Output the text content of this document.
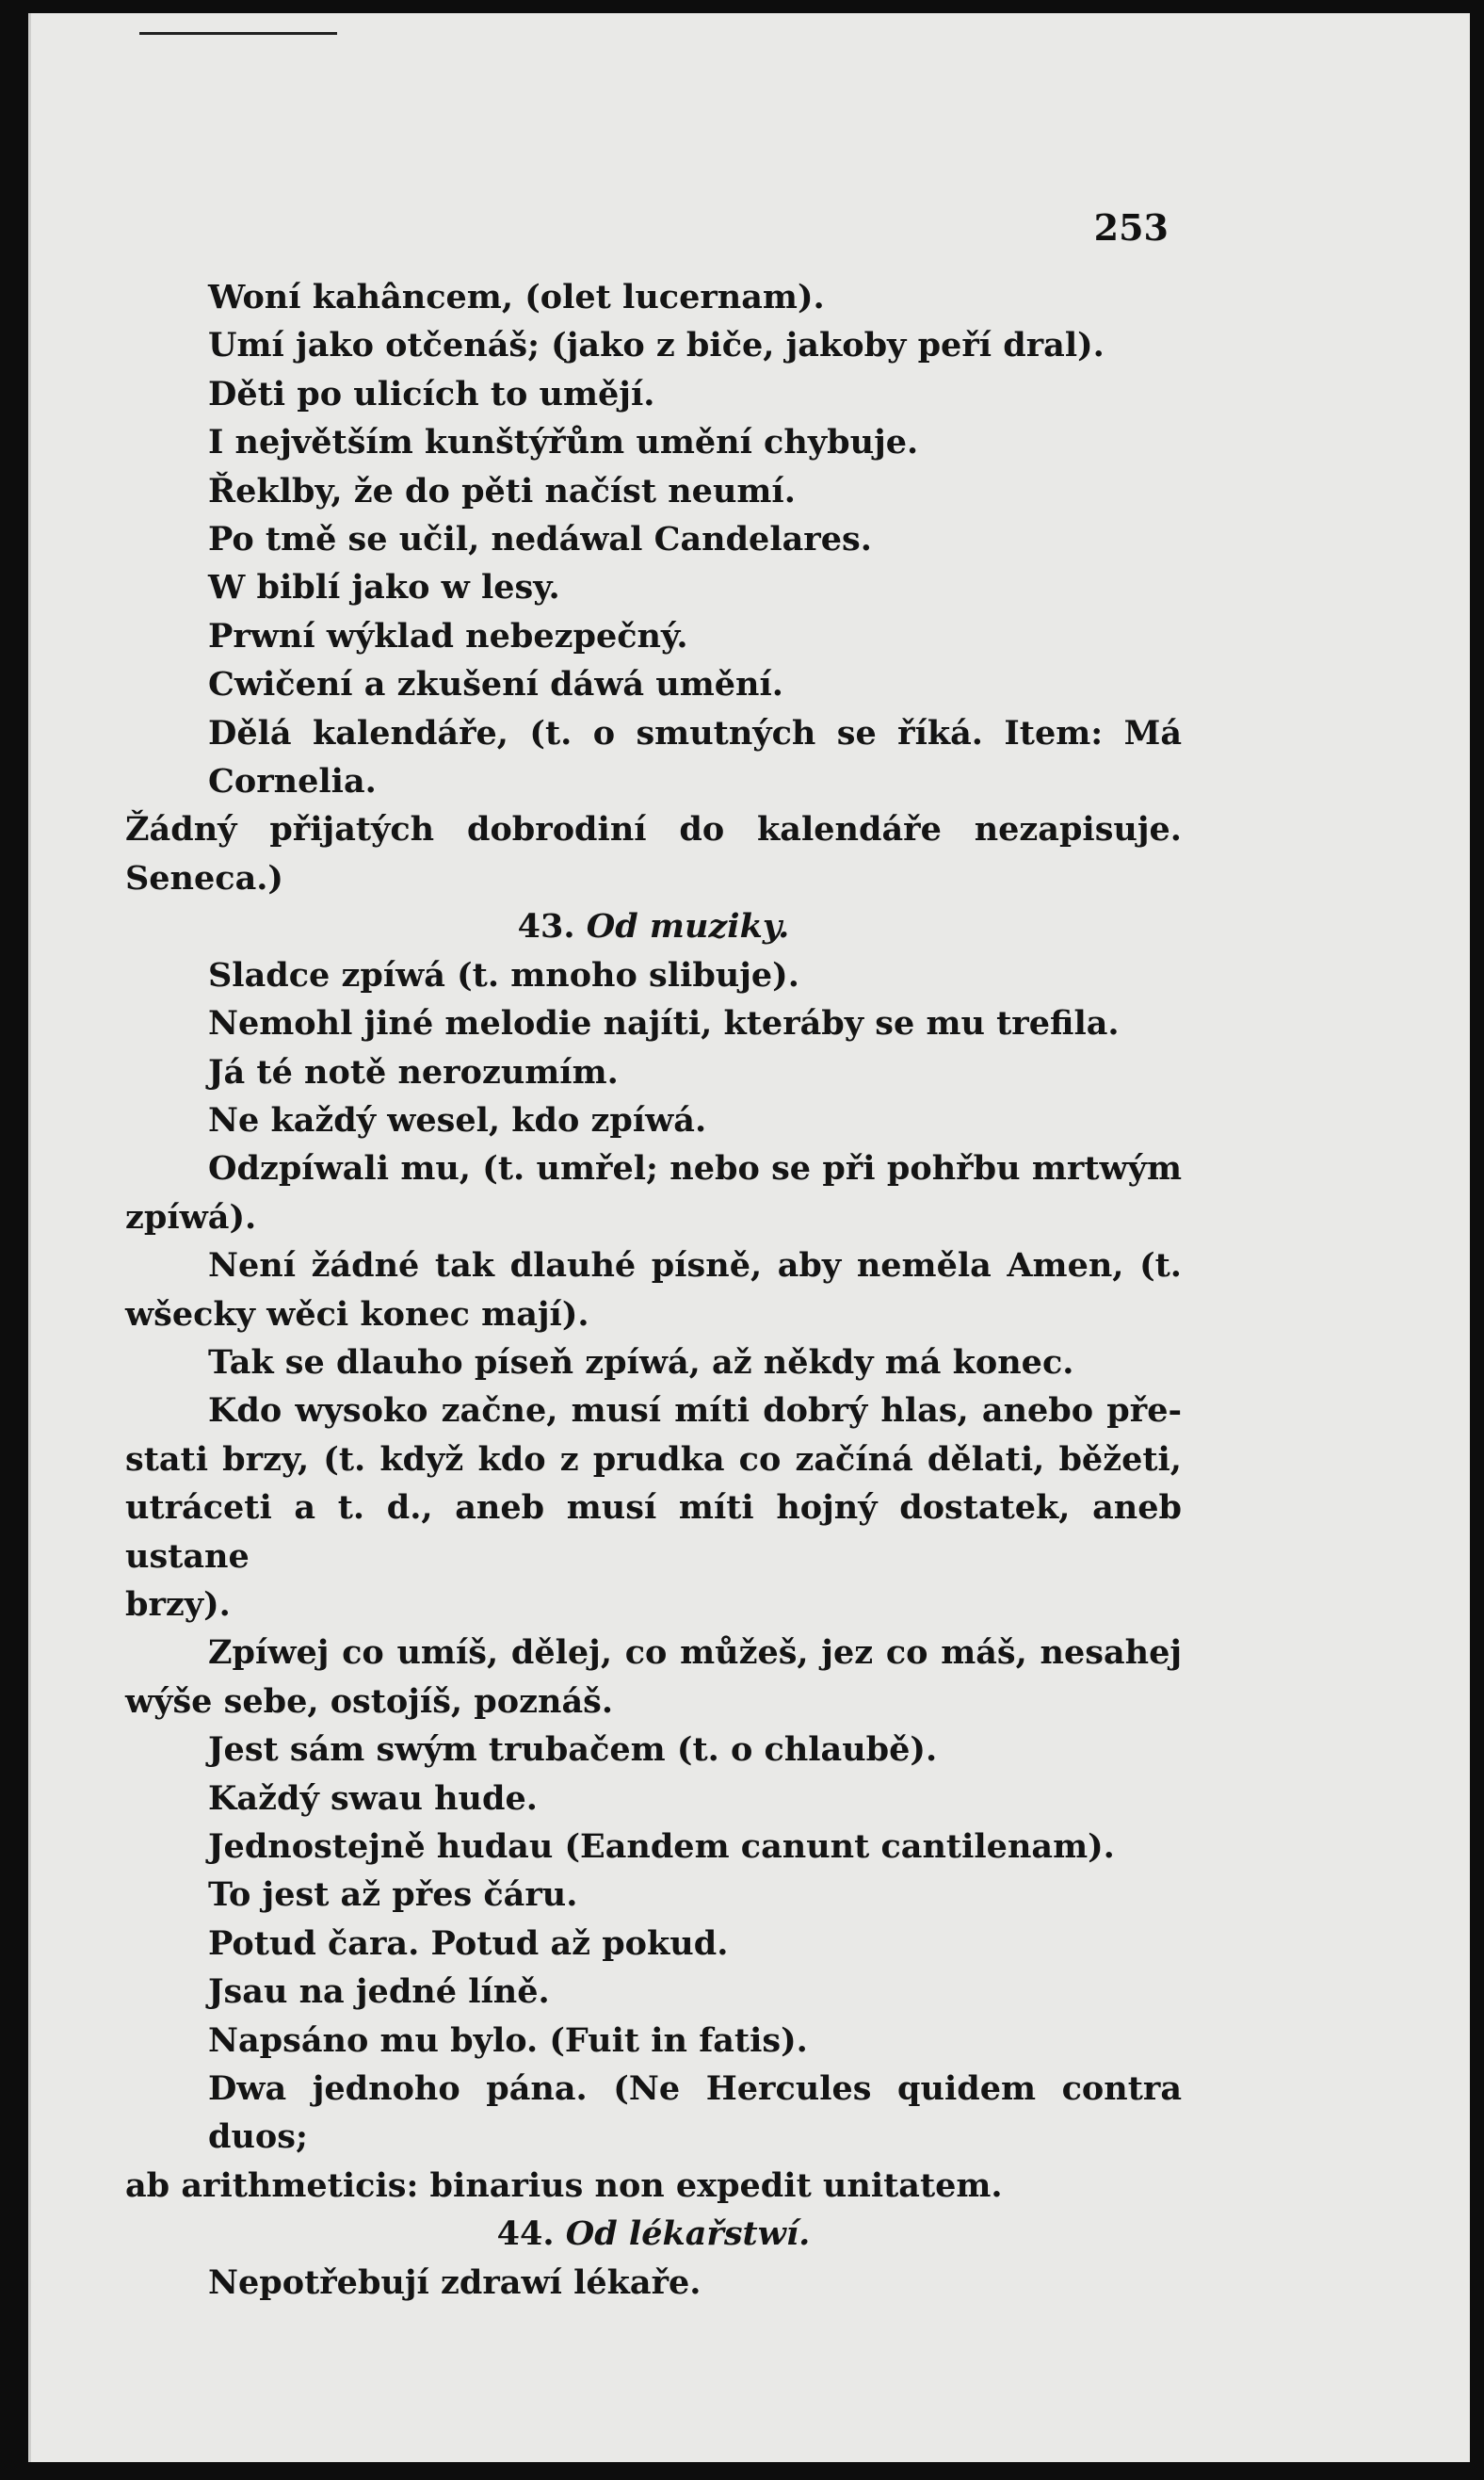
253
Woní kahâncem, (olet lucernam).
Umí jako otčenáš; (jako z biče, jakoby peří dral).
Děti po ulicích to umějí.
I největším kunštýřům umění chybuje.
Řeklby, že do pěti načíst neumí.
Po tmě se učil, nedáwal Candelares.
W biblí jako w lesy.
Prwní wýklad nebezpečný.
Cwičení a zkušení dáwá umění.
Dělá kalendáře, (t. o smutných se říká. Item: Má Cornelia.
Žádný přijatých dobrodiní do kalendáře nezapisuje. Seneca.)
43. Od muziky.
Sladce zpíwá (t. mnoho slibuje).
Nemohl jiné melodie najíti, kteráby se mu trefila.
Já té notě nerozumím.
Ne každý wesel, kdo zpíwá.
Odzpíwali mu, (t. umřel; nebo se při pohřbu mrtwým
zpíwá).
Není žádné tak dlauhé písně, aby neměla Amen, (t.
wšecky wěci konec mají).
Tak se dlauho píseň zpíwá, až někdy má konec.
Kdo wysoko začne, musí míti dobrý hlas, anebo pře-
stati brzy, (t. když kdo z prudka co začíná dělati, běžeti,
utráceti a t. d., aneb musí míti hojný dostatek, aneb ustane
brzy).
Zpíwej co umíš, dělej, co můžeš, jez co máš, nesahej
wýše sebe, ostojíš, poznáš.
Jest sám swým trubačem (t. o chlaubě).
Každý swau hude.
Jednostejně hudau (Eandem canunt cantilenam).
To jest až přes čáru.
Potud čara. Potud až pokud.
Jsau na jedné líně.
Napsáno mu bylo. (Fuit in fatis).
Dwa jednoho pána. (Ne Hercules quidem contra duos;
ab arithmeticis: binarius non expedit unitatem.
44. Od lékařstwí.
Nepotřebují zdrawí lékaře.
